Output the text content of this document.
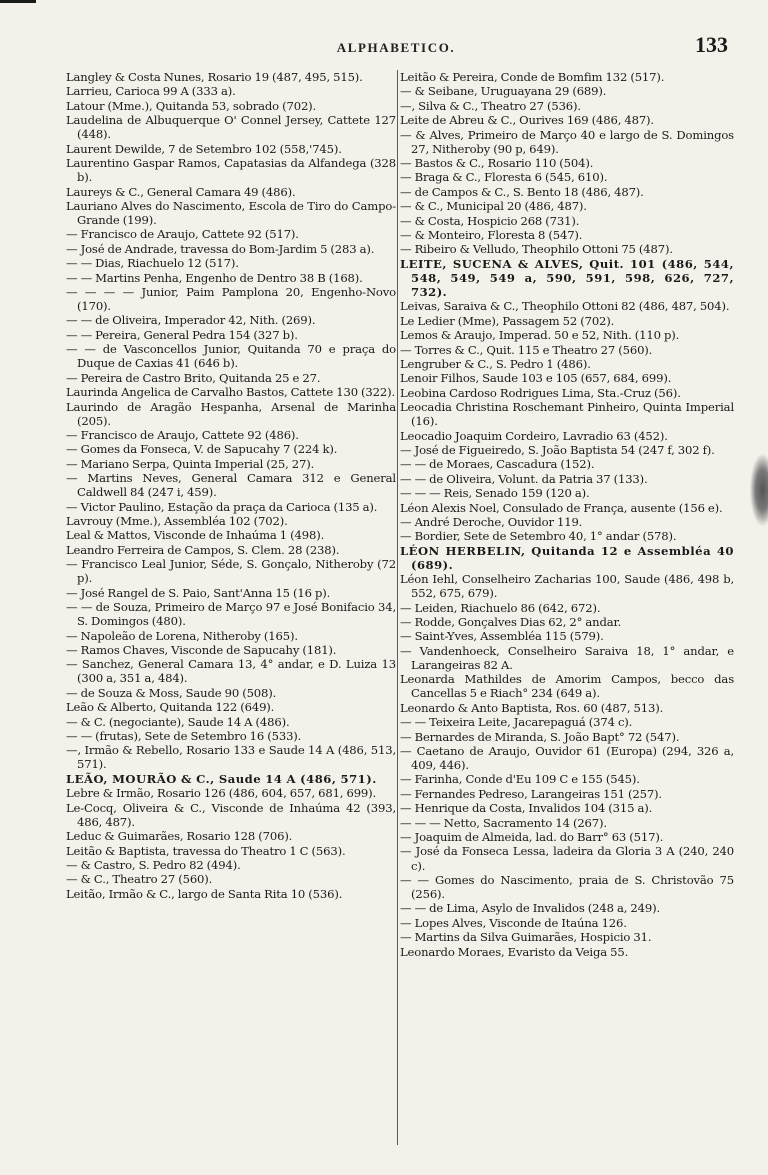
ALPHABETICO.	133

Langley & Costa Nunes, Rosario 19 (487, 495, 515).

Larrieu, Carioca 99 A (333 a).

Latour (Mme.), Quitanda 53, sobrado (702).

Laudelina de Albuquerque O' Connel Jersey, Cattete 127 (448).

Laurent Dewilde, 7 de Setembro 102 (558,'745).

Laurentino Gaspar Ramos, Capatasias da Alfandega (328 b).

Laureys & C., General Camara 49 (486).

Lauriano Alves do Nascimento, Escola de Tiro do Campo-Grande (199).

— Francisco de Araujo, Cattete 92 (517).

— José de Andrade, travessa do Bom-Jardim 5 (283 a).

— — Dias, Riachuelo 12 (517).

— — Martins Penha, Engenho de Dentro 38 B (168).

— — — — Junior, Paim Pamplona 20, Engenho-Novo (170).

— — de Oliveira, Imperador 42, Nith. (269).

— — Pereira, General Pedra 154 (327 b).

— — de Vasconcellos Junior, Quitanda 70 e praça do Duque de Caxias 41 (646 b).

— Pereira de Castro Brito, Quitanda 25 e 27.

Laurinda Angelica de Carvalho Bastos, Cattete 130 (322).

Laurindo de Aragão Hespanha, Arsenal de Marinha (205).

— Francisco de Araujo, Cattete 92 (486).

— Gomes da Fonseca, V. de Sapucahy 7 (224 k).

— Mariano Serpa, Quinta Imperial (25, 27).

— Martins Neves, General Camara 312 e General Caldwell 84 (247 i, 459).

— Victor Paulino, Estação da praça da Carioca (135 a).

Lavrouy (Mme.), Assembléa 102 (702).

Leal & Mattos, Visconde de Inhaúma 1 (498).

Leandro Ferreira de Campos, S. Clem. 28 (238).

— Francisco Leal Junior, Séde, S. Gonçalo, Nitheroby (72 p).

— José Rangel de S. Paio, Sant'Anna 15 (16 p).

— — de Souza, Primeiro de Março 97 e José Bonifacio 34, S. Domingos (480).

— Napoleão de Lorena, Nitheroby (165).

— Ramos Chaves, Visconde de Sapucahy (181).

— Sanchez, General Camara 13, 4° andar, e D. Luiza 13 (300 a, 351 a, 484).

— de Souza & Moss, Saude 90 (508).

Leão & Alberto, Quitanda 122 (649).

— & C. (negociante), Saude 14 A (486).

— — (frutas), Sete de Setembro 16 (533).

—, Irmão & Rebello, Rosario 133 e Saude 14 A (486, 513, 571).

LEÃO, MOURÃO & C., Saude 14 A (486, 571).

Lebre & Irmão, Rosario 126 (486, 604, 657, 681, 699).

Le-Cocq, Oliveira & C., Visconde de Inhaúma 42 (393, 486, 487).

Leduc & Guimarães, Rosario 128 (706).

Leitão & Baptista, travessa do Theatro 1 C (563).

— & Castro, S. Pedro 82 (494).

— & C., Theatro 27 (560).

Leitão, Irmão & C., largo de Santa Rita 10 (536).

Leitão & Pereira, Conde de Bomfim 132 (517).

— & Seibane, Uruguayana 29 (689).

—, Silva & C., Theatro 27 (536).

Leite de Abreu & C., Ourives 169 (486, 487).

— & Alves, Primeiro de Março 40 e largo de S. Domingos 27, Nitheroby (90 p, 649).

— Bastos & C., Rosario 110 (504).

— Braga & C., Floresta 6 (545, 610).

— de Campos & C., S. Bento 18 (486, 487).

— & C., Municipal 20 (486, 487).

— & Costa, Hospicio 268 (731).

— & Monteiro, Floresta 8 (547).

— Ribeiro & Velludo, Theophilo Ottoni 75 (487).

LEITE, SUCENA & ALVES, Quit. 101 (486, 544, 548, 549, 549 a, 590, 591, 598, 626, 727, 732).

Leivas, Saraiva & C., Theophilo Ottoni 82 (486, 487, 504).

Le Ledier (Mme), Passagem 52 (702).

Lemos & Araujo, Imperad. 50 e 52, Nith. (110 p).

— Torres & C., Quit. 115 e Theatro 27 (560).

Lengruber & C., S. Pedro 1 (486).

Lenoir Filhos, Saude 103 e 105 (657, 684, 699).

Leobina Cardoso Rodrigues Lima, Sta.-Cruz (56).

Leocadia Christina Roschemant Pinheiro, Quinta Imperial (16).

Leocadio Joaquim Cordeiro, Lavradio 63 (452).

— José de Figueiredo, S. João Baptista 54 (247 f, 302 f).

— — de Moraes, Cascadura (152).

— — de Oliveira, Volunt. da Patria 37 (133).

— — — Reis, Senado 159 (120 a).

Léon Alexis Noel, Consulado de França, ausente (156 e).

— André Deroche, Ouvidor 119.

— Bordier, Sete de Setembro 40, 1° andar (578).

LÉON HERBELIN, Quitanda 12 e Assembléa 40 (689).

Léon Iehl, Conselheiro Zacharias 100, Saude (486, 498 b, 552, 675, 679).

— Leiden, Riachuelo 86 (642, 672).

— Rodde, Gonçalves Dias 62, 2° andar.

— Saint-Yves, Assembléa 115 (579).

— Vandenhoeck, Conselheiro Saraiva 18, 1° andar, e Larangeiras 82 A.

Leonarda Mathildes de Amorim Campos, becco das Cancellas 5 e Riach° 234 (649 a).

Leonardo & Anto Baptista, Ros. 60 (487, 513).

— — Teixeira Leite, Jacarepaguá (374 c).

— Bernardes de Miranda, S. João Bapt° 72 (547).

— Caetano de Araujo, Ouvidor 61 (Europa) (294, 326 a, 409, 446).

— Farinha, Conde d'Eu 109 C e 155 (545).

— Fernandes Pedreso, Larangeiras 151 (257).

— Henrique da Costa, Invalidos 104 (315 a).

— — — Netto, Sacramento 14 (267).

— Joaquim de Almeida, lad. do Barr° 63 (517).

— José da Fonseca Lessa, ladeira da Gloria 3 A (240, 240 c).

— — Gomes do Nascimento, praia de S. Christovão 75 (256).

— — de Lima, Asylo de Invalidos (248 a, 249).

— Lopes Alves, Visconde de Itaúna 126.

— Martins da Silva Guimarães, Hospicio 31.

Leonardo Moraes, Evaristo da Veiga 55.
